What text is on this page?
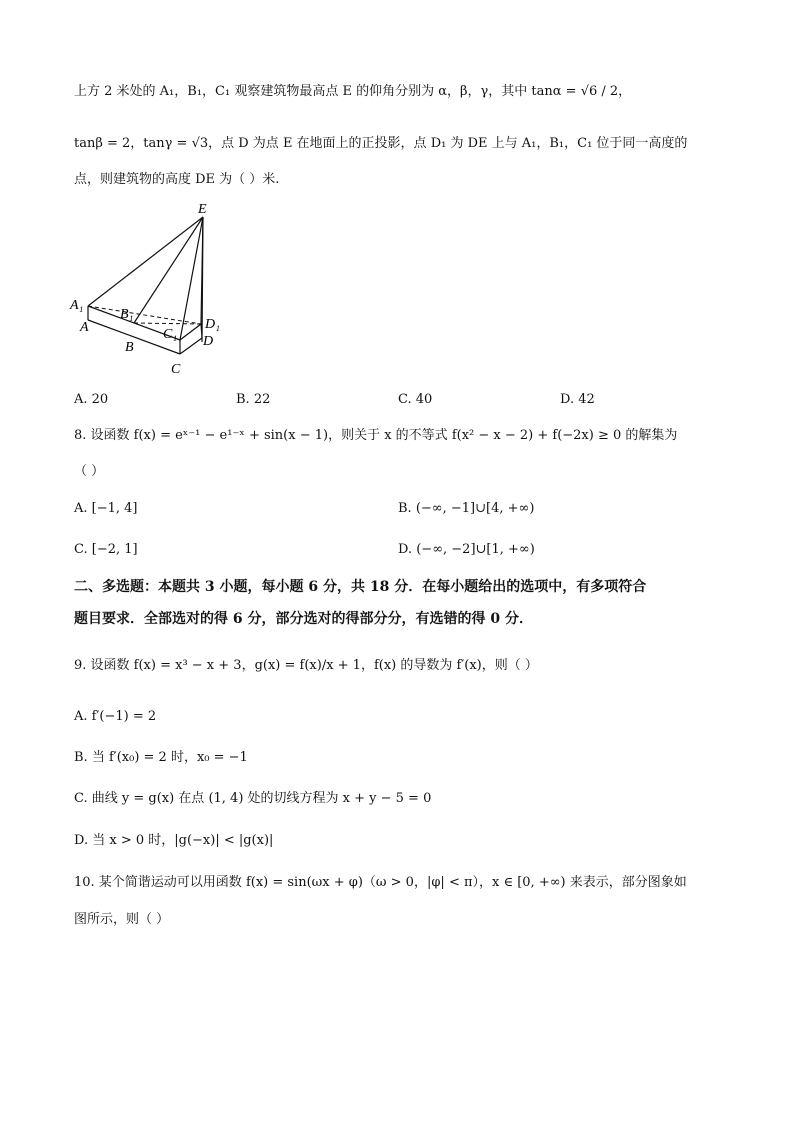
上方 2 米处的 A₁，B₁，C₁ 观察建筑物最高点 E 的仰角分别为 α，β，γ，其中 tanα = √6 / 2，
tanβ = 2，tanγ = √3，点 D 为点 E 在地面上的正投影，点 D₁ 为 DE 上与 A₁，B₁，C₁ 位于同一高度的
点，则建筑物的高度 DE 为（ ）米.
E
A₁
A
B₁
B
C₁
C
D₁
D
A. 20	B. 22	C. 40	D. 42
8. 设函数 f(x) = eˣ⁻¹ − e¹⁻ˣ + sin(x − 1)，则关于 x 的不等式 f(x² − x − 2) + f(−2x) ≥ 0 的解集为
（ ）
A. [−1, 4]	B. (−∞, −1]∪[4, +∞)
C. [−2, 1]	D. (−∞, −2]∪[1, +∞)
二、多选题：本题共 3 小题，每小题 6 分，共 18 分．在每小题给出的选项中，有多项符合
题目要求．全部选对的得 6 分，部分选对的得部分分，有选错的得 0 分．
9. 设函数 f(x) = x³ − x + 3，g(x) = f(x)/x + 1，f(x) 的导数为 f′(x)，则（ ）
A. f′(−1) = 2
B. 当 f′(x₀) = 2 时，x₀ = −1
C. 曲线 y = g(x) 在点 (1, 4) 处的切线方程为 x + y − 5 = 0
D. 当 x > 0 时，|g(−x)| < |g(x)|
10. 某个简谐运动可以用函数 f(x) = sin(ωx + φ)（ω > 0，|φ| < π），x ∈ [0, +∞) 来表示，部分图象如
图所示，则（ ）
